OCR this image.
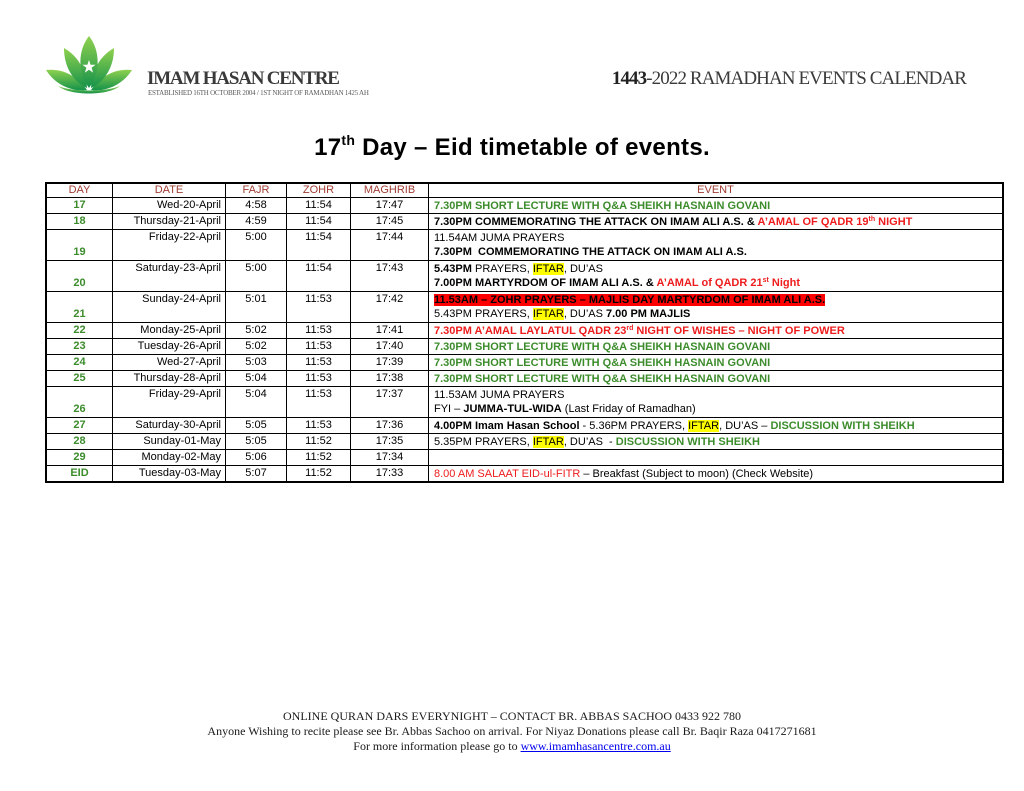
IMAM HASAN CENTRE
ESTABLISHED 16TH OCTOBER 2004 / 1ST NIGHT OF RAMADHAN 1425 AH
1443-2022 RAMADHAN EVENTS CALENDAR
17th Day – Eid timetable of events.
DAY	DATE	FAJR	ZOHR	MAGHRIB	EVENT
17	Wed-20-April	4:58	11:54	17:47	7.30PM SHORT LECTURE WITH Q&A SHEIKH HASNAIN GOVANI

18	Thursday-21-April	4:59	11:54	17:45	7.30PM COMMEMORATING THE ATTACK ON IMAM ALI A.S. & A’AMAL OF QADR 19th NIGHT

19	Friday-22-April	5:00	11:54	17:44	11.54AM JUMA PRAYERS
7.30PM  COMMEMORATING THE ATTACK ON IMAM ALI A.S.

20	Saturday-23-April	5:00	11:54	17:43	5.43PM PRAYERS, IFTAR, DU’AS
7.00PM MARTYRDOM OF IMAM ALI A.S. & A’AMAL of QADR 21st Night

21	Sunday-24-April	5:01	11:53	17:42	11.53AM – ZOHR PRAYERS – MAJLIS DAY MARTYRDOM OF IMAM ALI A.S.
5.43PM PRAYERS, IFTAR, DU’AS 7.00 PM MAJLIS

22	Monday-25-April	5:02	11:53	17:41	7.30PM A’AMAL LAYLATUL QADR 23rd NIGHT OF WISHES – NIGHT OF POWER

23	Tuesday-26-April	5:02	11:53	17:40	7.30PM SHORT LECTURE WITH Q&A SHEIKH HASNAIN GOVANI

24	Wed-27-April	5:03	11:53	17:39	7.30PM SHORT LECTURE WITH Q&A SHEIKH HASNAIN GOVANI

25	Thursday-28-April	5:04	11:53	17:38	7.30PM SHORT LECTURE WITH Q&A SHEIKH HASNAIN GOVANI

26	Friday-29-April	5:04	11:53	17:37	11.53AM JUMA PRAYERS
FYI – JUMMA-TUL-WIDA (Last Friday of Ramadhan)

27	Saturday-30-April	5:05	11:53	17:36	4.00PM Imam Hasan School - 5.36PM PRAYERS, IFTAR, DU’AS – DISCUSSION WITH SHEIKH

28	Sunday-01-May	5:05	11:52	17:35	5.35PM PRAYERS, IFTAR, DU’AS  - DISCUSSION WITH SHEIKH

29	Monday-02-May	5:06	11:52	17:34	
EID	Tuesday-03-May	5:07	11:52	17:33	8.00 AM SALAAT EID-ul-FITR – Breakfast (Subject to moon) (Check Website)
ONLINE QURAN DARS EVERYNIGHT – CONTACT BR. ABBAS SACHOO 0433 922 780
Anyone Wishing to recite please see Br. Abbas Sachoo on arrival. For Niyaz Donations please call Br. Baqir Raza 0417271681
For more information please go to www.imamhasancentre.com.au
